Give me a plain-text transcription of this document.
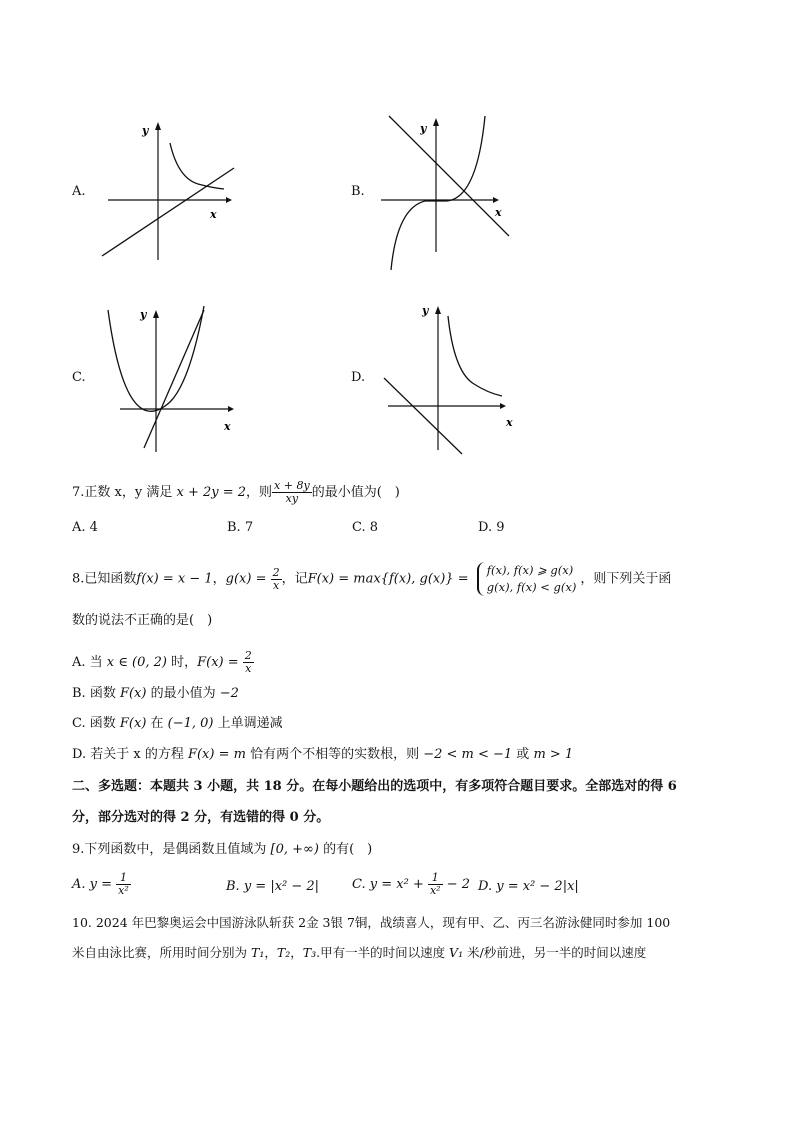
A.
y
x
B.
y
x
C.
y
x
D.
y
x
7.正数 x，y 满足 x + 2y = 2，则 $\frac{x + 8y}{xy}$ 的最小值为(　)
A. 4	B. 7	C. 8	D. 9
8.已知函数f(x) = x − 1，$g(x) = \frac{2}{x}$ ，记F(x) = max{f(x), g(x)} =
f(x), f(x) ⩾ g(x)
g(x), f(x) < g(x)
，则下列关于函
数的说法不正确的是(　)
A. 当 x ∈ (0, 2) 时，$F(x) = \frac{2}{x}$
B. 函数 F(x) 的最小值为 −2
C. 函数 F(x) 在 (−1, 0) 上单调递减
D. 若关于 x 的方程 F(x) = m 恰有两个不相等的实数根，则 −2 < m < −1 或 m > 1
二、多选题：本题共 3 小题，共 18 分。在每小题给出的选项中，有多项符合题目要求。全部选对的得 6
分，部分选对的得 2 分，有选错的得 0 分。
9.下列函数中，是偶函数且值域为 [0, +∞) 的有(　)
A. $y = \frac{1}{\text{x²}}$	B. y = |x² − 2|	C. $y = x^2 + \frac{1}{\text{x²}} - 2$ D. y = x² − 2|x|
10. 2024 年巴黎奥运会中国游泳队斩获 2金 3银 7铜，战绩喜人，现有甲、乙、丙三名游泳健同时参加 100
米自由泳比赛，所用时间分别为 T₁，T₂，T₃.甲有一半的时间以速度 V₁ 米/秒前进，另一半的时间以速度
